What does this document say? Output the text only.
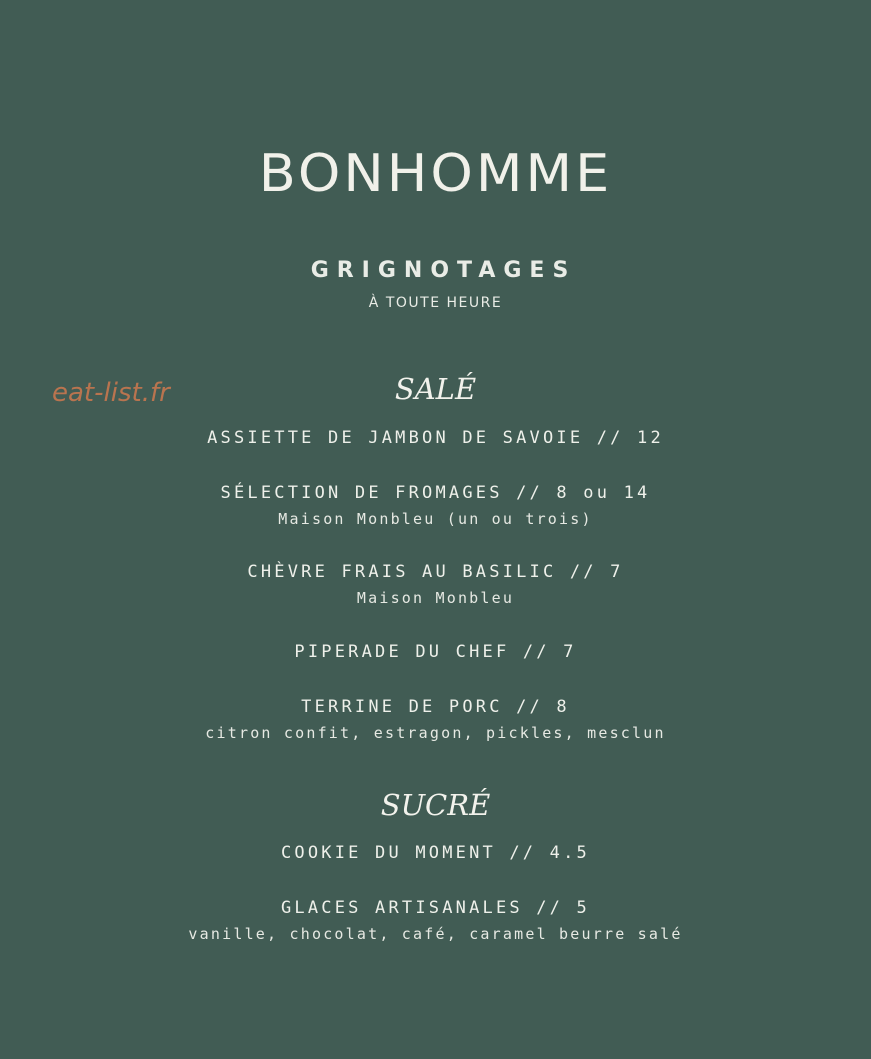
BONHOMME
GRIGNOTAGES
À TOUTE HEURE
eat-list.fr	SALÉ
ASSIETTE DE JAMBON DE SAVOIE // 12
SÉLECTION DE FROMAGES // 8 ou 14
Maison Monbleu (un ou trois)
CHÈVRE FRAIS AU BASILIC // 7
Maison Monbleu
PIPERADE DU CHEF // 7
TERRINE DE PORC // 8
citron confit, estragon, pickles, mesclun
SUCRÉ
COOKIE DU MOMENT // 4.5
GLACES ARTISANALES // 5
vanille, chocolat, café, caramel beurre salé
